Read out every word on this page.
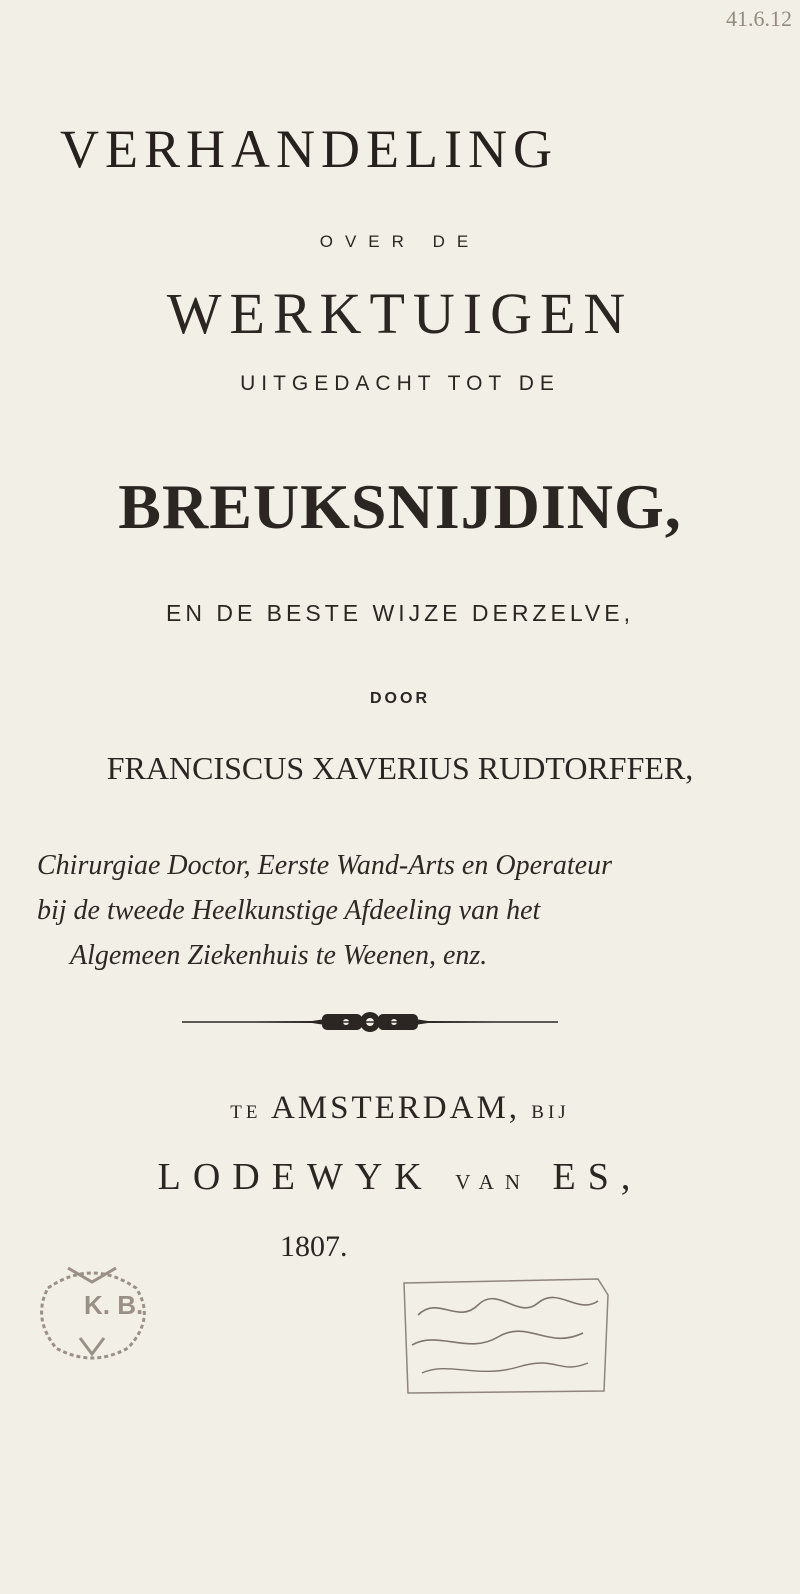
41.6.12
VERHANDELING
OVER DE
WERKTUIGEN
UITGEDACHT TOT DE
BREUKSNIJDING,
EN DE BESTE WIJZE DERZELVE,
DOOR
FRANCISCUS XAVERIUS RUDTORFFER,
Chirurgiae Doctor, Eerste Wand-Arts en Operateur
bij de tweede Heelkunstige Afdeeling van het
Algemeen Ziekenhuis te Weenen, enz.
TE AMSTERDAM, BIJ
LODEWYK VAN ES,
1807.
K. B.
